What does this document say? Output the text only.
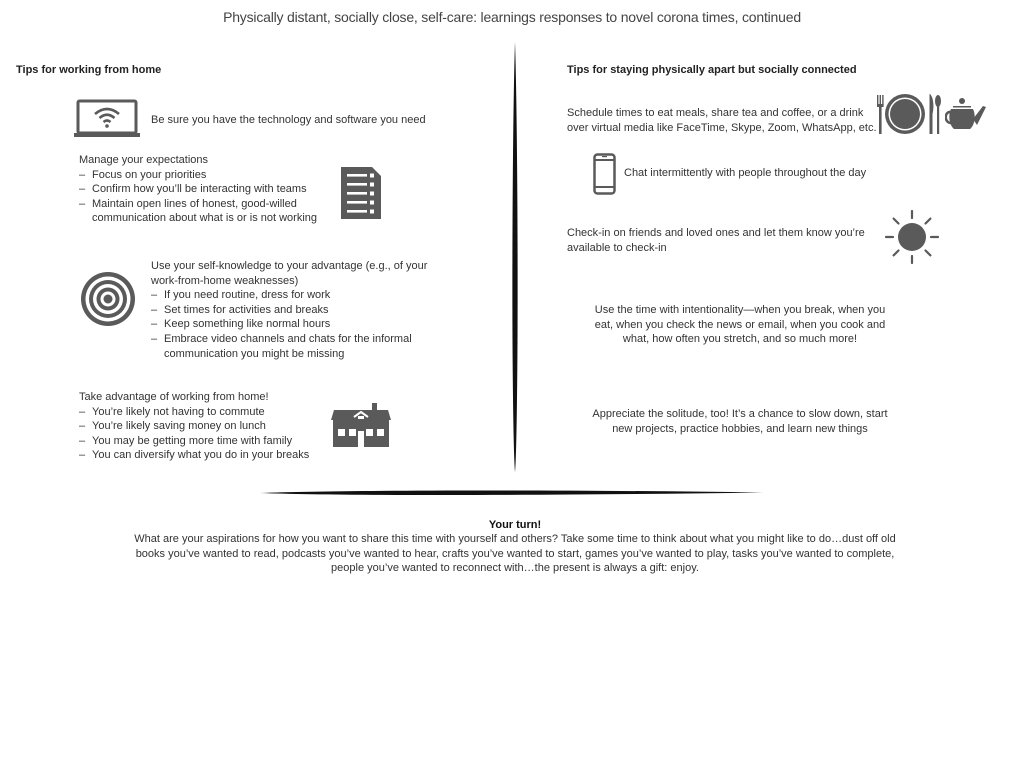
Physically distant, socially close, self-care: learnings responses to novel corona times, continued
Tips for working from home
Be sure you have the technology and software you need
Manage your expectations
– Focus on your priorities
– Confirm how you’ll be interacting with teams
– Maintain open lines of honest, good-willed communication about what is or is not working
Use your self-knowledge to your advantage (e.g., of your work-from-home weaknesses)
– If you need routine, dress for work
– Set times for activities and breaks
– Keep something like normal hours
– Embrace video channels and chats for the informal communication you might be missing
Take advantage of working from home!
– You’re likely not having to commute
– You’re likely saving money on lunch
– You may be getting more time with family
– You can diversify what you do in your breaks
Tips for staying physically apart but socially connected
Schedule times to eat meals, share tea and coffee, or a drink over virtual media like FaceTime, Skype, Zoom, WhatsApp, etc.
Chat intermittently with people throughout the day
Check-in on friends and loved ones and let them know you’re available to check-in
Use the time with intentionality—when you break, when you eat, when you check the news or email, when you cook and what, how often you stretch, and so much more!
Appreciate the solitude, too! It’s a chance to slow down, start new projects, practice hobbies, and learn new things
Your turn!
What are your aspirations for how you want to share this time with yourself and others? Take some time to think about what you might like to do…dust off old books you’ve wanted to read, podcasts you’ve wanted to hear, crafts you’ve wanted to start, games you’ve wanted to play, tasks you’ve wanted to complete, people you’ve wanted to reconnect with…the present is always a gift: enjoy.
